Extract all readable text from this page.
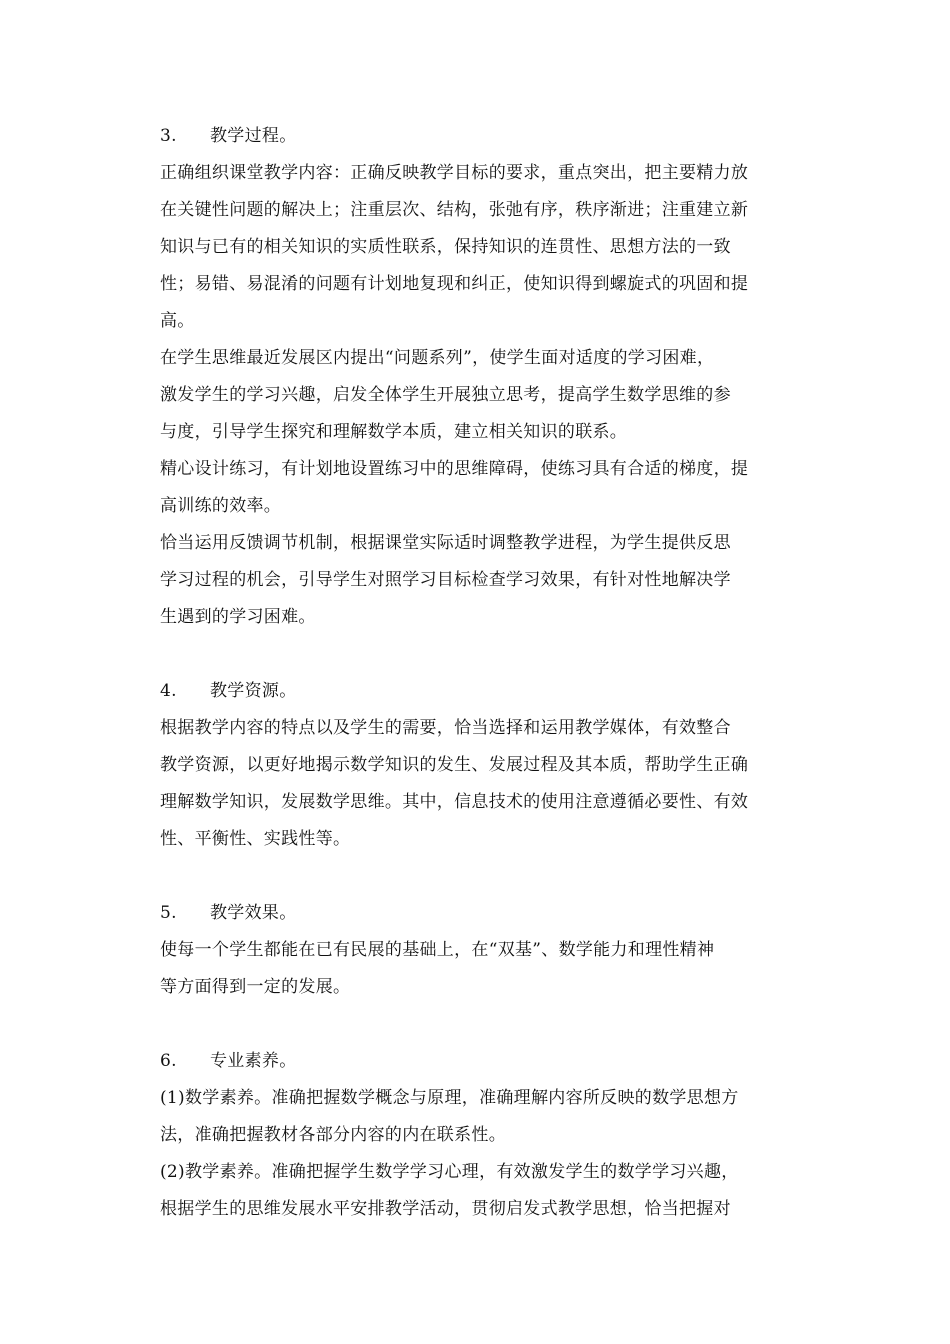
3. 教学过程。
正确组织课堂教学内容：正确反映教学目标的要求，重点突出，把主要精力放
在关键性问题的解决上；注重层次、结构，张弛有序，秩序渐进；注重建立新
知识与已有的相关知识的实质性联系，保持知识的连贯性、思想方法的一致
性；易错、易混淆的问题有计划地复现和纠正，使知识得到螺旋式的巩固和提
高。
在学生思维最近发展区内提出“问题系列”，使学生面对适度的学习困难，
激发学生的学习兴趣，启发全体学生开展独立思考，提高学生数学思维的参
与度，引导学生探究和理解数学本质，建立相关知识的联系。
精心设计练习，有计划地设置练习中的思维障碍，使练习具有合适的梯度，提
高训练的效率。
恰当运用反馈调节机制，根据课堂实际适时调整教学进程，为学生提供反思
学习过程的机会，引导学生对照学习目标检查学习效果，有针对性地解决学
生遇到的学习困难。
4. 教学资源。
根据教学内容的特点以及学生的需要，恰当选择和运用教学媒体，有效整合
教学资源，以更好地揭示数学知识的发生、发展过程及其本质，帮助学生正确
理解数学知识，发展数学思维。其中，信息技术的使用注意遵循必要性、有效
性、平衡性、实践性等。
5. 教学效果。
使每一个学生都能在已有民展的基础上，在“双基”、数学能力和理性精神
等方面得到一定的发展。
6. 专业素养。
(1)数学素养。准确把握数学概念与原理，准确理解内容所反映的数学思想方
法，准确把握教材各部分内容的内在联系性。
(2)教学素养。准确把握学生数学学习心理，有效激发学生的数学学习兴趣，
根据学生的思维发展水平安排教学活动，贯彻启发式教学思想，恰当把握对
